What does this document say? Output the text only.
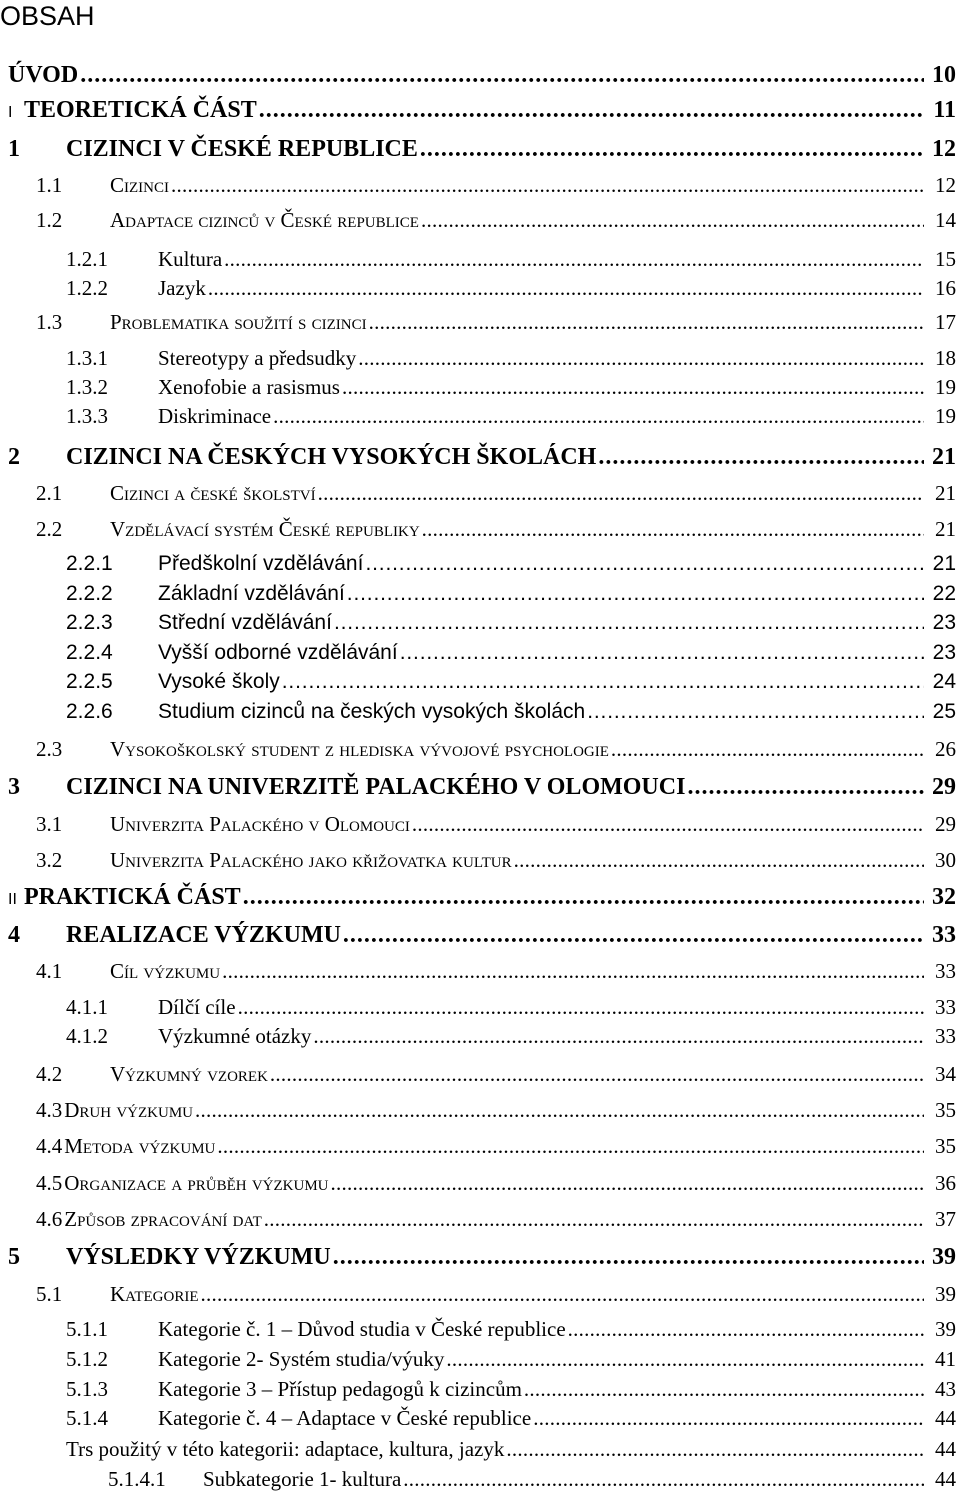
OBSAH
ÚVOD . . .	10
I TEORETICKÁ ČÁST . . .	11
1	CIZINCI V ČESKÉ REPUBLICE . . .	12
1.1	Cizinci . . .	12
1.2	Adaptace cizinců v České republice . . .	14
1.2.1	Kultura . . .	15
1.2.2	Jazyk . . .	16
1.3	Problematika soužití s cizinci . . .	17
1.3.1	Stereotypy a předsudky . . .	18
1.3.2	Xenofobie a rasismus . . .	19
1.3.3	Diskriminace . . .	19
2	CIZINCI NA ČESKÝCH VYSOKÝCH ŠKOLÁCH . . .	21
2.1	Cizinci a české školství . . .	21
2.2	Vzdělávací systém České republiky . . .	21
2.2.1	Předškolní vzdělávání . . .	21
2.2.2	Základní vzdělávání . . .	22
2.2.3	Střední vzdělávání . . .	23
2.2.4	Vyšší odborné vzdělávání . . .	23
2.2.5	Vysoké školy . . .	24
2.2.6	Studium cizinců na českých vysokých školách . . .	25
2.3	Vysokoškolský student z hlediska vývojové psychologie . . .	26
3	CIZINCI NA UNIVERZITĚ PALACKÉHO V OLOMOUCI . . .	29
3.1	Univerzita Palackého v Olomouci . . .	29
3.2	Univerzita Palackého jako křižovatka kultur . . .	30
II PRAKTICKÁ ČÁST . . .	32
4	REALIZACE VÝZKUMU . . .	33
4.1	Cíl výzkumu . . .	33
4.1.1	Dílčí cíle . . .	33
4.1.2	Výzkumné otázky . . .	33
4.2	Výzkumný vzorek . . .	34
4.3 Druh výzkumu . . .	35
4.4 Metoda výzkumu . . .	35
4.5 Organizace a průběh výzkumu . . .	36
4.6 Způsob zpracování dat . . .	37
5	VÝSLEDKY VÝZKUMU . . .	39
5.1	Kategorie . . .	39
5.1.1	Kategorie č. 1 – Důvod studia v České republice . . .	39
5.1.2	Kategorie 2- Systém studia/výuky . . .	41
5.1.3	Kategorie 3 – Přístup pedagogů k cizincům . . .	43
5.1.4	Kategorie č. 4 – Adaptace v České republice . . .	44
Trs použitý v této kategorii: adaptace, kultura, jazyk . . .	44
5.1.4.1	Subkategorie 1- kultura . . .	44
